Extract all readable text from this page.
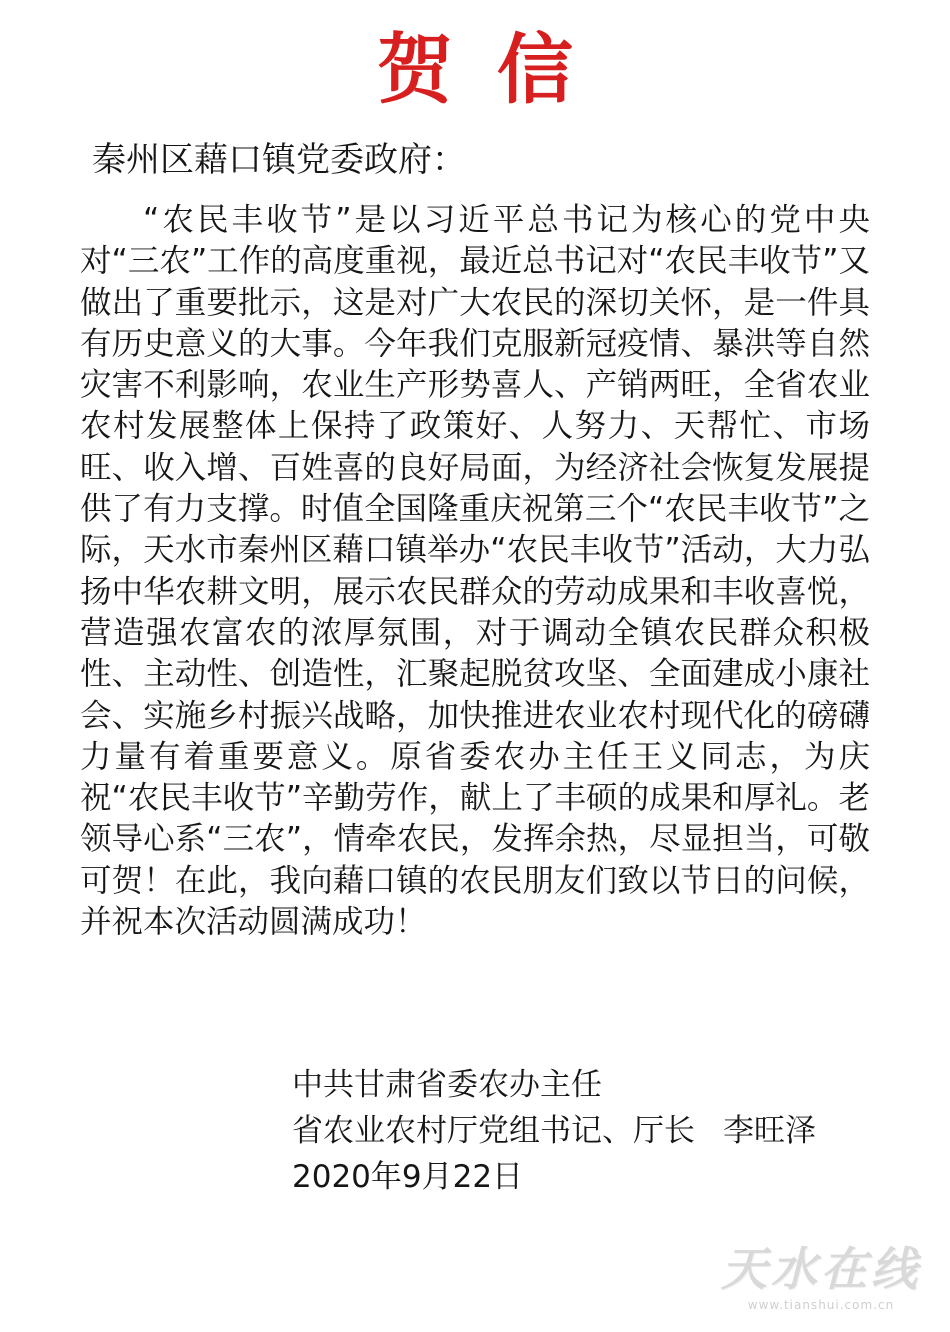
贺信
秦州区藉口镇党委政府：

“农民丰收节”是以习近平总书记为核心的党中央对“三农”工作的高度重视，最近总书记对“农民丰收节”又做出了重要批示，这是对广大农民的深切关怀，是一件具有历史意义的大事。今年我们克服新冠疫情、暴洪等自然灾害不利影响，农业生产形势喜人、产销两旺，全省农业农村发展整体上保持了政策好、人努力、天帮忙、市场旺、收入增、百姓喜的良好局面，为经济社会恢复发展提供了有力支撑。时值全国隆重庆祝第三个“农民丰收节”之际，天水市秦州区藉口镇举办“农民丰收节”活动，大力弘扬中华农耕文明，展示农民群众的劳动成果和丰收喜悦，营造强农富农的浓厚氛围，对于调动全镇农民群众积极性、主动性、创造性，汇聚起脱贫攻坚、全面建成小康社会、实施乡村振兴战略，加快推进农业农村现代化的磅礴力量有着重要意义。原省委农办主任王义同志，为庆祝“农民丰收节”辛勤劳作，献上了丰硕的成果和厚礼。老领导心系“三农”，情牵农民，发挥余热，尽显担当，可敬可贺！在此，我向藉口镇的农民朋友们致以节日的问候，并祝本次活动圆满成功！

中共甘肃省委农办主任
省农业农村厅党组书记、厅长 李旺泽
2020年9月22日
天水在线
www.tianshui.com.cn
